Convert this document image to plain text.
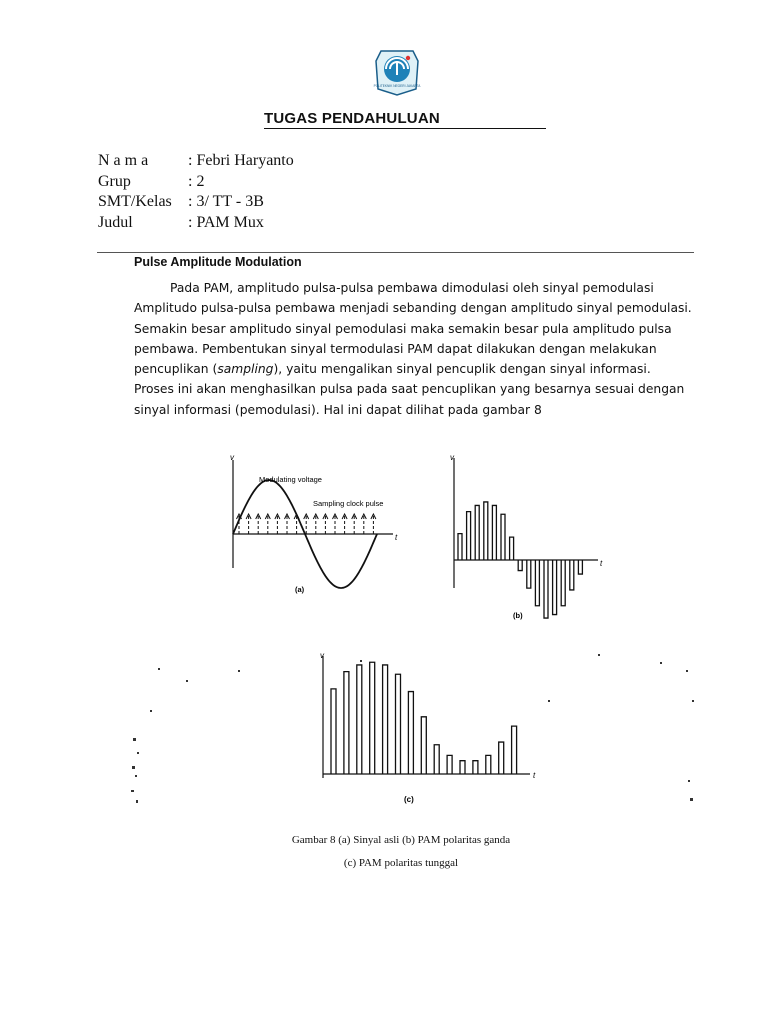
POLITEKNIK NEGERI JAKARTA
TUGAS PENDAHULUAN
N a m a	: Febri Haryanto
Grup	: 2
SMT/Kelas	: 3/ TT - 3B
Judul	: PAM Mux
Pulse Amplitude Modulation
Pada PAM, amplitudo pulsa-pulsa pembawa dimodulasi oleh sinyal pemodulasi Amplitudo pulsa-pulsa pembawa menjadi sebanding dengan amplitudo sinyal pemodulasi. Semakin besar amplitudo sinyal pemodulasi maka semakin besar pula amplitudo pulsa pembawa. Pembentukan sinyal termodulasi PAM dapat dilakukan dengan melakukan pencuplikan (sampling), yaitu mengalikan sinyal pencuplik dengan sinyal informasi. Proses ini akan menghasilkan pulsa pada saat pencuplikan yang besarnya sesuai dengan sinyal informasi (pemodulasi). Hal ini dapat dilihat pada gambar 8
v
t
Modulating voltage
Sampling clock pulse
(a)
v
t
(b)
v
t
(c)
Gambar 8 (a) Sinyal asli (b) PAM polaritas ganda
(c) PAM polaritas tunggal
